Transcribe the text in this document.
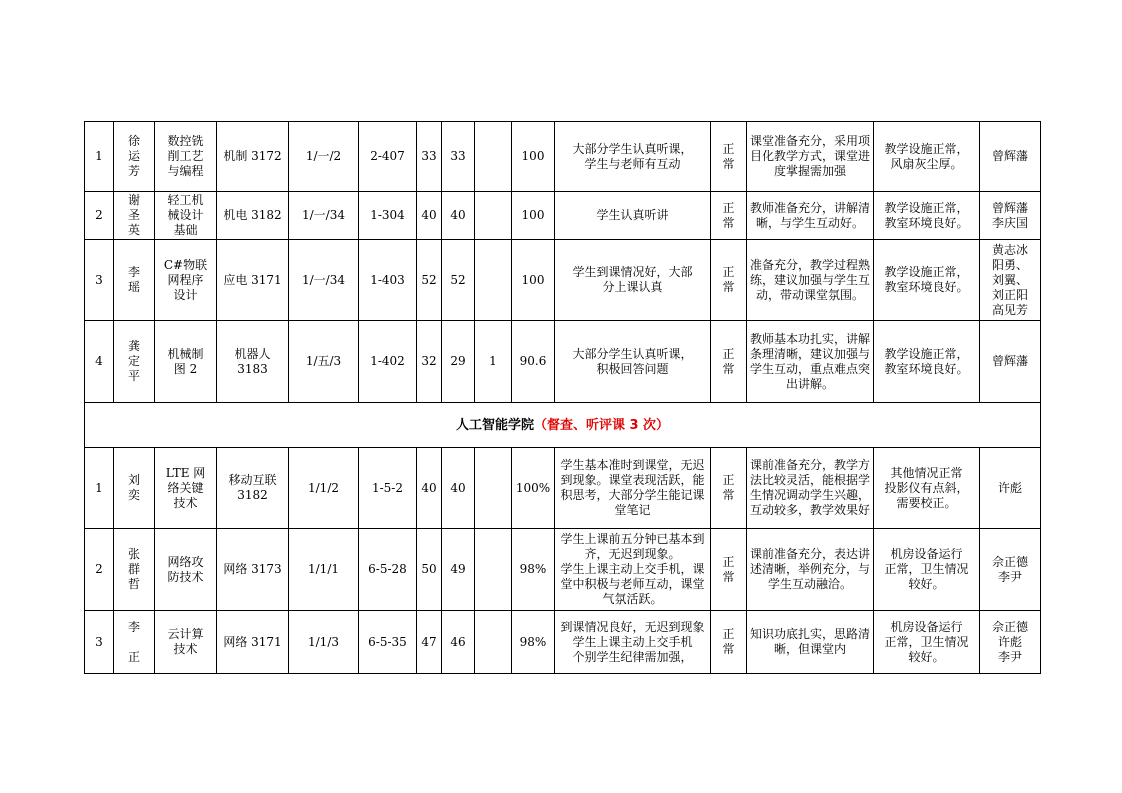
1	徐
运
芳	数控铣
削工艺
与编程	机制 3172	1/一/2	2-407	33	33		100	大部分学生认真听课，
学生与老师有互动	正
常	课堂准备充分，采用项目化教学方式，课堂进度掌握需加强	教学设施正常，
风扇灰尘厚。	曾辉藩
2	谢
圣
英	轻工机
械设计
基础	机电 3182	1/一/34	1-304	40	40		100	学生认真听讲	正
常	教师准备充分，讲解清晰，与学生互动好。	教学设施正常，
教室环境良好。	曾辉藩
李庆国
3	李
瑶	C#物联
网程序
设计	应电 3171	1/一/34	1-403	52	52		100	学生到课情况好，大部
分上课认真	正
常	准备充分，教学过程熟练，建议加强与学生互动，带动课堂氛围。	教学设施正常，
教室环境良好。	黄志冰
阳勇、
刘翼、
刘正阳
高见芳
4	龚
定
平	机械制
图 2	机器人
3183	1/五/3	1-402	32	29	1	90.6	大部分学生认真听课，
积极回答问题	正
常	教师基本功扎实，讲解条理清晰，建议加强与学生互动，重点难点突出讲解。	教学设施正常，
教室环境良好。	曾辉藩
人工智能学院（督查、听评课 3 次）														
1	刘
奕	LTE 网
络关键
技术	移动互联
3182	1/1/2	1-5-2	40	40		100%	学生基本准时到课堂，无迟到现象。课堂表现活跃，能积思考，大部分学生能记课堂笔记	正
常	课前准备充分，教学方法比较灵活，能根据学生情况调动学生兴趣，互动较多，教学效果好	其他情况正常
投影仪有点斜，
需要校正。	许彪
2	张
群
哲	网络攻
防技术	网络 3173	1/1/1	6-5-28	50	49		98%	学生上课前五分钟已基本到齐，无迟到现象。
学生上课主动上交手机，课堂中积极与老师互动，课堂气氛活跃。	正
常	课前准备充分，表达讲述清晰，举例充分，与学生互动融洽。	机房设备运行
正常，卫生情况
较好。	佘正德
李尹
3	李

正	云计算
技术	网络 3171	1/1/3	6-5-35	47	46		98%	到课情况良好，无迟到现象
学生上课主动上交手机
个别学生纪律需加强，	正
常	知识功底扎实，思路清晰，但课堂内	机房设备运行
正常，卫生情况
较好。	佘正德
许彪
李尹
